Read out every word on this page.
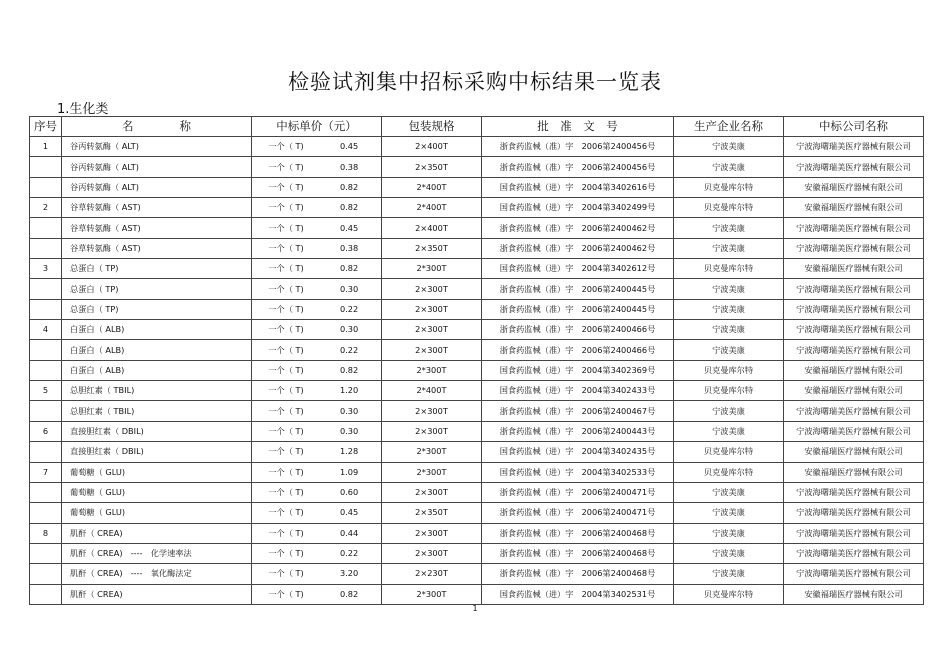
检验试剂集中招标采购中标结果一览表
1.生化类
序号	名　　　　称	中标单价（元）	包装规格	批　准　文　号	生产企业名称	中标公司名称
1	谷丙转氨酶（ ALT)	一个（ T) 0.45	2×400T	浙食药监械（准）字　2006第2400456号	宁波美康	宁波海曙瑞美医疗器械有限公司
	谷丙转氨酶（ ALT)	一个（ T) 0.38	2×350T	浙食药监械（准）字　2006第2400456号	宁波美康	宁波海曙瑞美医疗器械有限公司
	谷丙转氨酶（ ALT)	一个（ T) 0.82	2*400T	国食药监械（进）字　2004第3402616号	贝克曼库尔特	安徽福瑞医疗器械有限公司
2	谷草转氨酶（ AST)	一个（ T) 0.82	2*400T	国食药监械（进）字　2004第3402499号	贝克曼库尔特	安徽福瑞医疗器械有限公司
	谷草转氨酶（ AST)	一个（ T) 0.45	2×400T	浙食药监械（准）字　2006第2400462号	宁波美康	宁波海曙瑞美医疗器械有限公司
	谷草转氨酶（ AST)	一个（ T) 0.38	2×350T	浙食药监械（准）字　2006第2400462号	宁波美康	宁波海曙瑞美医疗器械有限公司
3	总蛋白（ TP)	一个（ T) 0.82	2*300T	国食药监械（进）字　2004第3402612号	贝克曼库尔特	安徽福瑞医疗器械有限公司
	总蛋白（ TP)	一个（ T) 0.30	2×300T	浙食药监械（准）字　2006第2400445号	宁波美康	宁波海曙瑞美医疗器械有限公司
	总蛋白（ TP)	一个（ T) 0.22	2×300T	浙食药监械（准）字　2006第2400445号	宁波美康	宁波海曙瑞美医疗器械有限公司
4	白蛋白（ ALB)	一个（ T) 0.30	2×300T	浙食药监械（准）字　2006第2400466号	宁波美康	宁波海曙瑞美医疗器械有限公司
	白蛋白（ ALB)	一个（ T) 0.22	2×300T	浙食药监械（准）字　2006第2400466号	宁波美康	宁波海曙瑞美医疗器械有限公司
	白蛋白（ ALB)	一个（ T) 0.82	2*300T	国食药监械（进）字　2004第3402369号	贝克曼库尔特	安徽福瑞医疗器械有限公司
5	总胆红素（ TBIL)	一个（ T) 1.20	2*400T	国食药监械（进）字　2004第3402433号	贝克曼库尔特	安徽福瑞医疗器械有限公司
	总胆红素（ TBIL)	一个（ T) 0.30	2×300T	浙食药监械（准）字　2006第2400467号	宁波美康	宁波海曙瑞美医疗器械有限公司
6	直接胆红素（ DBIL)	一个（ T) 0.30	2×300T	浙食药监械（准）字　2006第2400443号	宁波美康	宁波海曙瑞美医疗器械有限公司
	直接胆红素（ DBIL)	一个（ T) 1.28	2*300T	国食药监械（进）字　2004第3402435号	贝克曼库尔特	安徽福瑞医疗器械有限公司
7	葡萄糖（ GLU)	一个（ T) 1.09	2*300T	国食药监械（进）字　2004第3402533号	贝克曼库尔特	安徽福瑞医疗器械有限公司
	葡萄糖（ GLU)	一个（ T) 0.60	2×300T	浙食药监械（准）字　2006第2400471号	宁波美康	宁波海曙瑞美医疗器械有限公司
	葡萄糖（ GLU)	一个（ T) 0.45	2×350T	浙食药监械（准）字　2006第2400471号	宁波美康	宁波海曙瑞美医疗器械有限公司
8	肌酐（ CREA)	一个（ T) 0.44	2×300T	浙食药监械（准）字　2006第2400468号	宁波美康	宁波海曙瑞美医疗器械有限公司
	肌酐（ CREA)　----　化学速率法	一个（ T) 0.22	2×300T	浙食药监械（准）字　2006第2400468号	宁波美康	宁波海曙瑞美医疗器械有限公司
	肌酐（ CREA)　----　氧化酶法定	一个（ T) 3.20	2×230T	浙食药监械（准）字　2006第2400468号	宁波美康	宁波海曙瑞美医疗器械有限公司
	肌酐（ CREA)	一个（ T) 0.82	2*300T	国食药监械（进）字　2004第3402531号	贝克曼库尔特	安徽福瑞医疗器械有限公司
1
